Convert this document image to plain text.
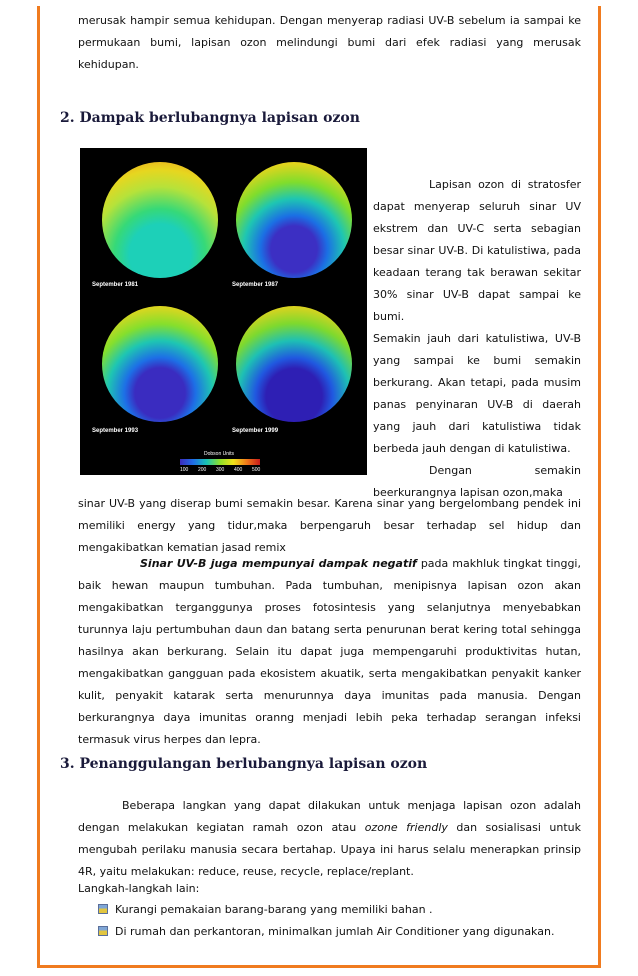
merusak hampir semua kehidupan. Dengan menyerap radiasi UV-B sebelum ia sampai ke permukaan bumi, lapisan ozon melindungi bumi dari efek radiasi yang merusak kehidupan.

2. Dampak berlubangnya lapisan ozon
September 1981	September 1987
September 1993	September 1999
Dobson Units
100 200 300 400 500

Lapisan ozon di stratosfer dapat menyerap seluruh sinar UV ekstrem dan UV-C serta sebagian besar sinar UV-B. Di katulistiwa, pada keadaan terang tak berawan sekitar 30% sinar UV-B dapat sampai ke bumi.

Semakin jauh dari katulistiwa, UV-B yang sampai ke bumi semakin berkurang. Akan tetapi, pada musim panas penyinaran UV-B di daerah yang jauh dari katulistiwa tidak berbeda jauh dengan di katulistiwa.

Dengan semakin beerkurangnya lapisan ozon,maka

sinar UV-B yang diserap bumi semakin besar. Karena sinar yang bergelombang pendek ini memiliki energy yang tidur,maka berpengaruh besar terhadap sel hidup dan mengakibatkan kematian jasad remix

Sinar UV-B juga mempunyai dampak negatif pada makhluk tingkat tinggi, baik hewan maupun tumbuhan. Pada tumbuhan, menipisnya lapisan ozon akan mengakibatkan terganggunya proses fotosintesis yang selanjutnya menyebabkan turunnya laju pertumbuhan daun dan batang serta penurunan berat kering total sehingga hasilnya akan berkurang. Selain itu dapat juga mempengaruhi produktivitas hutan, mengakibatkan gangguan pada ekosistem akuatik, serta mengakibatkan penyakit kanker kulit, penyakit katarak serta menurunnya daya imunitas pada manusia. Dengan berkurangnya daya imunitas oranng menjadi lebih peka terhadap serangan infeksi termasuk virus herpes dan lepra.

3. Penanggulangan berlubangnya lapisan ozon

Beberapa langkan yang dapat dilakukan untuk menjaga lapisan ozon adalah dengan melakukan kegiatan ramah ozon atau ozone friendly dan sosialisasi untuk mengubah perilaku manusia secara bertahap. Upaya ini harus selalu menerapkan prinsip 4R, yaitu melakukan: reduce, reuse, recycle, replace/replant.

Langkah-langkah lain:
Kurangi pemakaian barang-barang yang memiliki bahan .
Di rumah dan perkantoran, minimalkan jumlah Air Conditioner yang digunakan.
